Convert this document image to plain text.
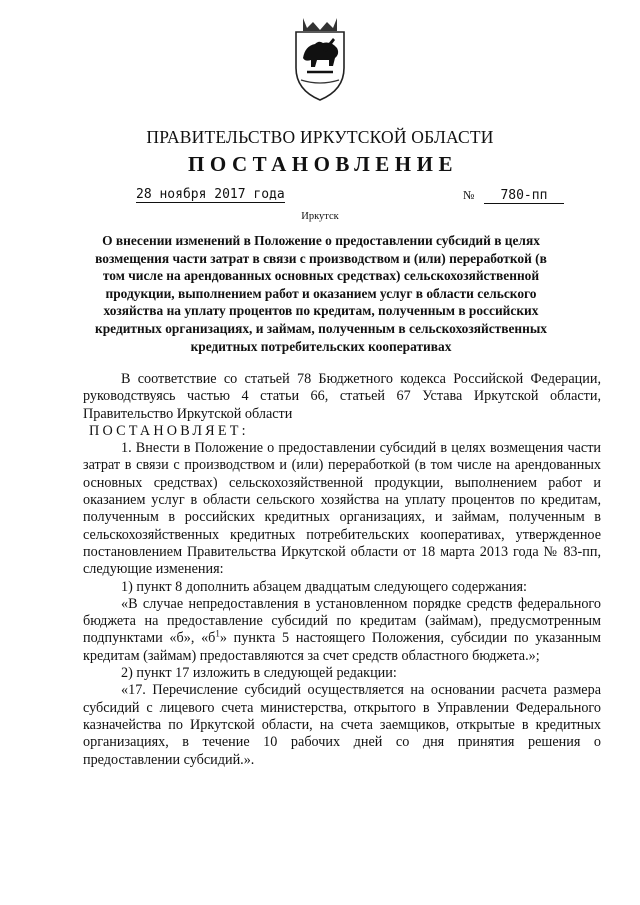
ПРАВИТЕЛЬСТВО ИРКУТСКОЙ ОБЛАСТИ
ПОСТАНОВЛЕНИЕ
28 ноября 2017 года	№ 780-пп
Иркутск
О внесении изменений в Положение о предоставлении субсидий в целях возмещения части затрат в связи с производством и (или) переработкой (в том числе на арендованных основных средствах) сельскохозяйственной продукции, выполнением работ и оказанием услуг в области сельского хозяйства на уплату процентов по кредитам, полученным в российских кредитных организациях, и займам, полученным в сельскохозяйственных кредитных потребительских кооперативах

В соответствие со статьей 78 Бюджетного кодекса Российской Федерации, руководствуясь частью 4 статьи 66, статьей 67 Устава Иркутской области, Правительство Иркутской области

ПОСТАНОВЛЯЕТ:

1. Внести в Положение о предоставлении субсидий в целях возмещения части затрат в связи с производством и (или) переработкой (в том числе на арендованных основных средствах) сельскохозяйственной продукции, выполнением работ и оказанием услуг в области сельского хозяйства на уплату процентов по кредитам, полученным в российских кредитных организациях, и займам, полученным в сельскохозяйственных кредитных потребительских кооперативах, утвержденное постановлением Правительства Иркутской области от 18 марта 2013 года № 83-пп, следующие изменения:

1) пункт 8 дополнить абзацем двадцатым следующего содержания:

«В случае непредоставления в установленном порядке средств федерального бюджета на предоставление субсидий по кредитам (займам), предусмотренным подпунктами «б», «$б^1$» пункта 5 настоящего Положения, субсидии по указанным кредитам (займам) предоставляются за счет средств областного бюджета.»;

2) пункт 17 изложить в следующей редакции:

«17. Перечисление субсидий осуществляется на основании расчета размера субсидий с лицевого счета министерства, открытого в Управлении Федерального казначейства по Иркутской области, на счета заемщиков, открытые в кредитных организациях, в течение 10 рабочих дней со дня принятия решения о предоставлении субсидий.».
